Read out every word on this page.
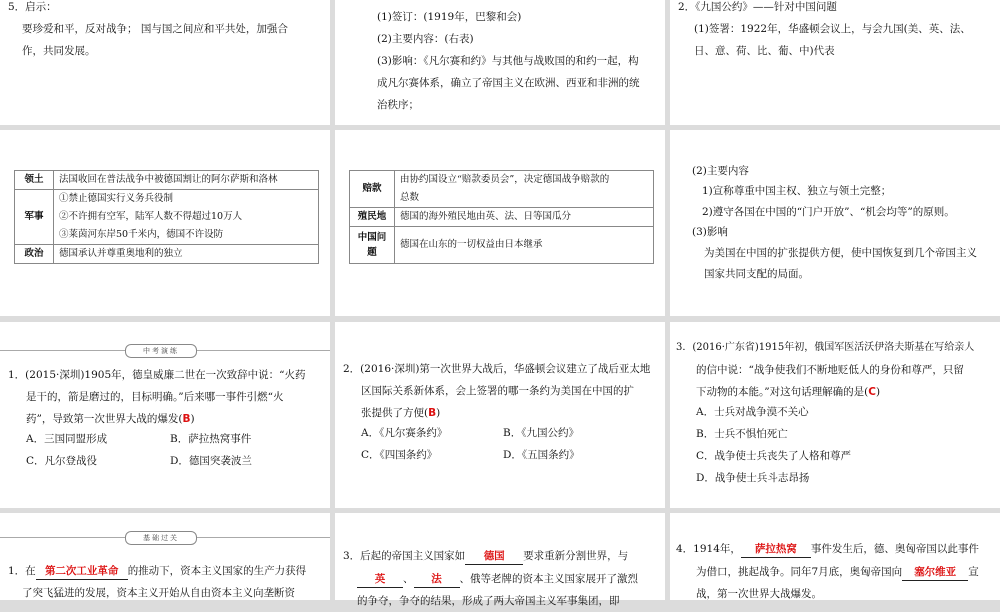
5．启示：

要珍爱和平，反对战争； 国与国之间应和平共处，加强合

作，共同发展。

(1)签订：(1919年，巴黎和会)

(2)主要内容：(右表)

(3)影响：《凡尔赛和约》与其他与战败国的和约一起，构

成凡尔赛体系，确立了帝国主义在欧洲、西亚和非洲的统

治秩序；

2．《九国公约》——针对中国问题

(1)签署：1922年，华盛顿会议上，与会九国(美、英、法、

日、意、荷、比、葡、中)代表

领土	法国收回在普法战争中被德国割让的阿尔萨斯和洛林
军事	①禁止德国实行义务兵役制
②不许拥有空军，陆军人数不得超过10万人
③莱茵河东岸50千米内，德国不许设防

政治	德国承认并尊重奥地利的独立
赔款	由协约国设立“赔款委员会”，决定德国战争赔款的
总数

殖民地	德国的海外殖民地由英、法、日等国瓜分
中国问题	德国在山东的一切权益由日本继承

(2)主要内容

1)宣称尊重中国主权、独立与领土完整；

2)遵守各国在中国的“门户开放”、“机会均等”的原则。

(3)影响

为美国在中国的扩张提供方便，使中国恢复到几个帝国主义

国家共同支配的局面。

中考演练

1．(2015·深圳)1905年，德皇威廉二世在一次致辞中说：“火药

是干的，箭是磨过的，目标明确。”后来哪一事件引燃“火

药”，导致第一次世界大战的爆发(B)

A．三国同盟形成	B．萨拉热窝事件
C．凡尔登战役	D．德国突袭波兰

2．(2016·深圳)第一次世界大战后，华盛顿会议建立了战后亚太地

区国际关系新体系，会上签署的哪一条约为美国在中国的扩

张提供了方便(B)

A．《凡尔赛条约》	B．《九国公约》
C．《四国条约》	D．《五国条约》

3．(2016·广东省)1915年初，俄国军医活沃伊洛夫斯基在写给亲人

的信中说：“战争使我们不断地贬低人的身份和尊严，只留

下动物的本能。”对这句话理解确的是(C)

A．士兵对战争漠不关心
B．士兵不惧怕死亡
C．战争使士兵丧失了人格和尊严
D．战争使士兵斗志昂扬
基础过关

1．在 第二次工业革命 的推动下，资本主义国家的生产力获得

了突飞猛进的发展，资本主义开始从自由资本主义向垄断资

3．后起的帝国主义国家如 德国 要求重新分割世界，与

英 、 法 、俄等老牌的资本主义国家展开了激烈

的争夺，争夺的结果，形成了两大帝国主义军事集团，即

4．1914年， 萨拉热窝 事件发生后，德、奥匈帝国以此事件

为借口，挑起战争。同年7月底，奥匈帝国向 塞尔维亚 宣

战，第一次世界大战爆发。
